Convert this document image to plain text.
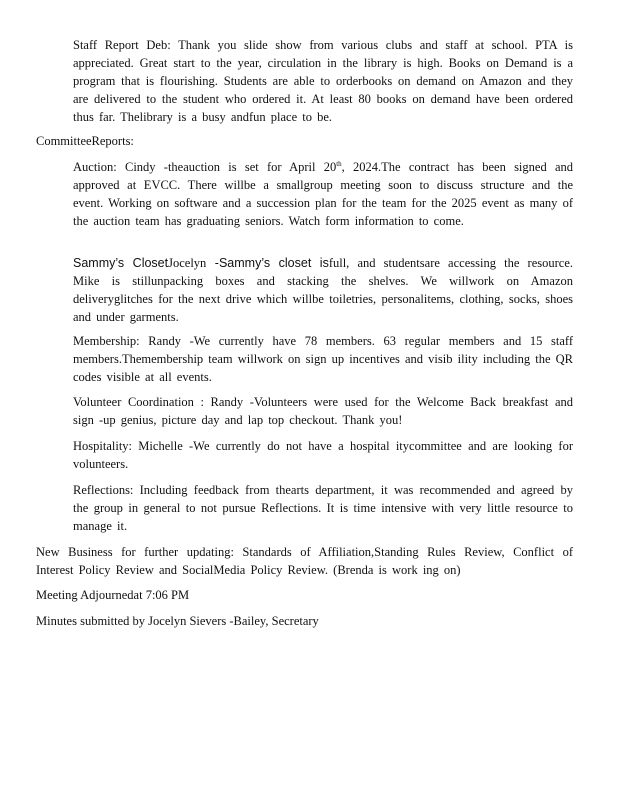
Staff Report Deb: Thank you slide show from various clubs and staff at school. PTA is appreciated. Great start to the year, circulation in the library is high. Books on Demand is a program that is flourishing. Students are able to orderbooks on demand on Amazon and they are delivered to the student who ordered it. At least 80 books on demand have been ordered thus far. Thelibrary is a busy andfun place to be.

CommitteeReports:

Auction: Cindy -theauction is set for April 20th, 2024.The contract has been signed and approved at EVCC. There willbe a smallgroup meeting soon to discuss structure and the event. Working on software and a succession plan for the team for the 2025 event as many of the auction team has graduating seniors. Watch form information to come.

Sammy’s ClosetJocelyn -Sammy’s closet isfull, and studentsare accessing the resource. Mike is stillunpacking boxes and stacking the shelves. We willwork on Amazon deliveryglitches for the next drive which willbe toiletries, personalitems, clothing, socks, shoes and under garments.

Membership: Randy -We currently have 78 members. 63 regular members and 15 staff members.Themembership team willwork on sign up incentives and visib ility including the QR codes visible at all events.

Volunteer Coordination : Randy -Volunteers were used for the Welcome Back breakfast and sign -up genius, picture day and lap top checkout. Thank you!

Hospitality: Michelle -We currently do not have a hospital itycommittee and are looking for volunteers.

Reflections: Including feedback from thearts department, it was recommended and agreed by the group in general to not pursue Reflections. It is time intensive with very little resource to manage it.

New Business for further updating: Standards of Affiliation,Standing Rules Review, Conflict of Interest Policy Review and SocialMedia Policy Review. (Brenda is work ing on)

Meeting Adjournedat 7:06 PM

Minutes submitted by Jocelyn Sievers -Bailey, Secretary
